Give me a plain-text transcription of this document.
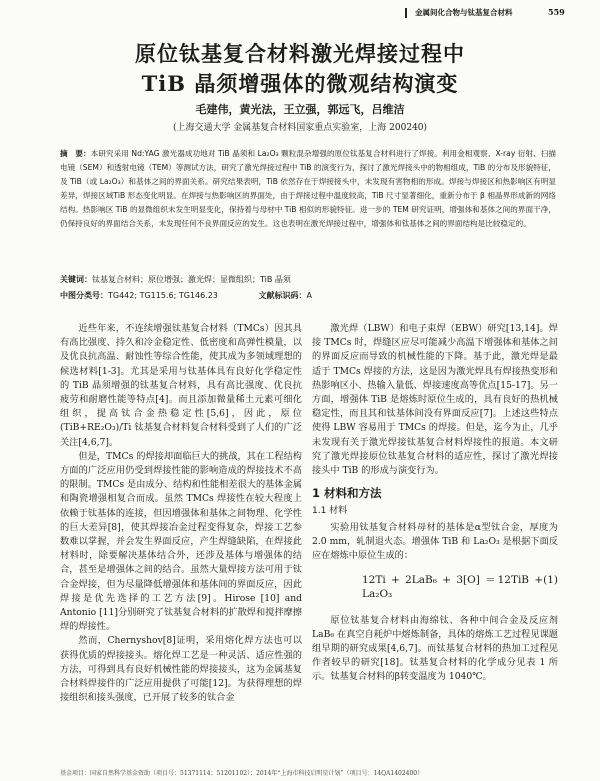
金属间化合物与钛基复合材料	559
原位钛基复合材料激光焊接过程中
TiB 晶须增强体的微观结构演变
毛建伟，黄光法，王立强，郭远飞，吕维洁
(上海交通大学 金属基复合材料国家重点实验室，上海 200240)
摘　要：本研究采用 Nd:YAG 激光器成功地对 TiB 晶须和 La₂O₃ 颗粒混杂增强的原位钛基复合材料进行了焊接。利用金相观察、X-ray 衍射、扫描电镜（SEM）和透射电镜（TEM）等测试方法，研究了激光焊接过程中 TiB 的演变行为，探讨了激光焊接头中的物相组成，TiB 的分布及形貌特征，及 TiB（或 La₂O₃）和基体之间的界面关系。研究结果表明，TiB 依然存在于焊接接头中，未发现有害物相的形成。焊接与焊接区和热影响区有明显差异，焊接区域TiB 形态变化明显。在焊接与热影响区的界面处，由于焊接过程中温度较高，TiB 尺寸显著细化，重新分布于 β 相晶界形成新的网络结构。热影响区 TiB 的显微组织未发生明显变化，保持着与母材中 TiB 相似的形貌特征。进一步的 TEM 研究证明，增强体和基体之间的界面干净，仍保持良好的界面结合关系，未发现任何不良界面反应的发生。这也表明在激光焊接过程中，增强体和钛基体之间的界面结构是比较稳定的。
关键词：钛基复合材料；原位增强；激光焊；显微组织；TiB 晶须
中图分类号：TG442; TG115.6; TG146.23	文献标识码：A

近些年来，不连续增强钛基复合材料（TMCs）因其具有高比强度、持久和冷金稳定性、低密度和高弹性模量，以及优良抗高温、耐蚀性等综合性能，使其成为多领域理想的候选材料[1-3]。尤其是采用与钛基体具有良好化学稳定性的 TiB 晶须增强的钛基复合材料，具有高比强度、优良抗疲劳和耐磨性能等特点[4]。而且添加微量稀土元素可细化组织，提高钛合金热稳定性[5,6]，因此，原位(TiB+RE₂O₃)/Ti 钛基复合材料复合材料受到了人们的广泛关注[4,6,7]。

但是，TMCs 的焊接却面临巨大的挑战，其在工程结构方面的广泛应用仍受到焊接性能的影响造成的焊接技术不高的限制。TMCs 是由成分、结构和性能相差很大的基体金属和陶瓷增强相复合而成。虽然 TMCs 焊接性在较大程度上依赖于钛基体的连接，但因增强体和基体之间物理、化学性的巨大差异[8]，使其焊接冶金过程变得复杂，焊接工艺参数难以掌握，并会发生界面反应，产生焊缝缺陷，在焊接此材料时，除要解决基体结合外，还涉及基体与增强体的结合，甚至是增强体之间的结合。虽然大量焊接方法可用于钛合金焊接，但为尽量降低增强体和基体间的界面反应，因此焊接是优先选择的工艺方法[9]。Hirose [10] and Antonio [11]分别研究了钛基复合材料的扩散焊和搅拌摩擦焊的焊接性。

然而，Chernyshov[8]证明，采用熔化焊方法也可以获得优质的焊接接头。熔化焊工艺是一种灵活、适应性强的方法，可得到具有良好机械性能的焊接接头，这为金属基复合材料焊接件的广泛应用提供了可能[12]。为获得理想的焊接组织和接头强度，已开展了较多的钛合金

激光焊（LBW）和电子束焊（EBW）研究[13,14]。焊接 TMCs 时，焊缝区应尽可能减少高温下增强体和基体之间的界面反应而导致的机械性能的下降。基于此，激光焊是最适于 TMCs 焊接的方法，这是因为激光焊具有焊接热变形和热影响区小、热输入量低、焊接速度高等优点[15-17]。另一方面，增强体 TiB 是熔炼时原位生成的，具有良好的热机械稳定性，而且其和钛基体间没有界面反应[7]。上述这些特点使得 LBW 容易用于 TMCs 的焊接。但是，迄今为止，几乎未发现有关于激光焊接钛基复合材料焊接性的报道。本文研究了激光焊接原位钛基复合材料的适应性，探讨了激光焊接接头中 TiB 的形成与演变行为。

1 材料和方法
1.1 材料

实验用钛基复合材料母材的基体是α型钛合金，厚度为 2.0 mm，轧制退火态。增强体 TiB 和 La₂O₃ 是根据下面反应在熔炼中原位生成的：

12Ti + 2LaB₆ + 3[O] ＝12TiB + La₂O₃
(1)

原位钛基复合材料由海绵钛、各种中间合金及反应剂 LaB₆ 在真空自耗炉中熔炼制备，具体的熔炼工艺过程见课题组早期的研究成果[4,6,7]。而钛基复合材料的热加工过程见作者较早的研究[18]。钛基复合材料的化学成分见表 1 所示。钛基复合材料的β转变温度为 1040℃。

基金项目：国家自然科学基金资助（项目号：51371114；51201102）；2014年“上海市科技启明星计划”（项目号：14QA1402400）
